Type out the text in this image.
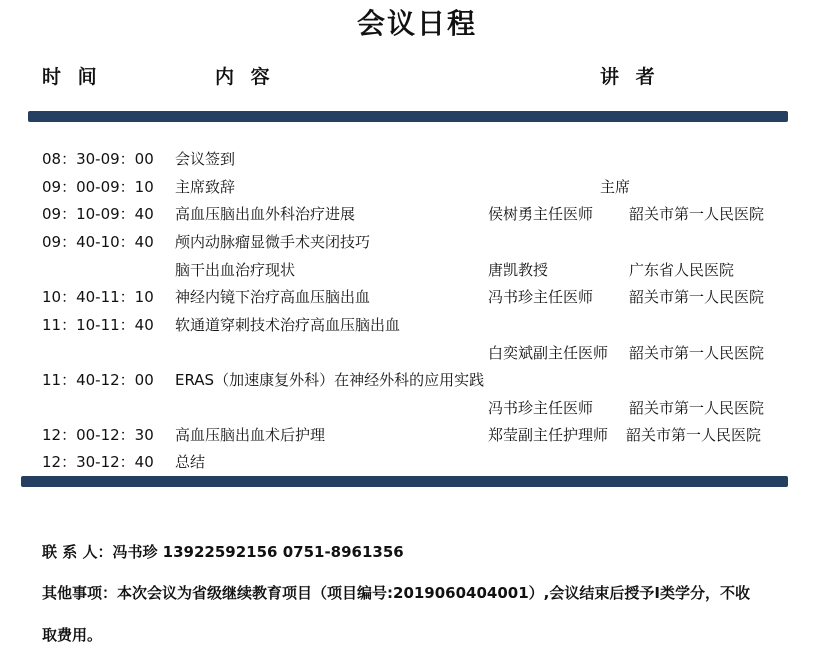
会议日程
时 间	内 容	讲 者
08：30-09：00 会议签到
09：00-09：10 主席致辞	主席
09：10-09：40 高血压脑出血外科治疗进展	侯树勇主任医师 韶关市第一人民医院
09：40-10：40 颅内动脉瘤显微手术夹闭技巧
脑干出血治疗现状	唐凯教授	广东省人民医院
10：40-11：10 神经内镜下治疗高血压脑出血	冯书珍主任医师 韶关市第一人民医院
11：10-11：40 软通道穿刺技术治疗高血压脑出血
白奕斌副主任医师 韶关市第一人民医院
11：40-12：00 ERAS（加速康复外科）在神经外科的应用实践
冯书珍主任医师 韶关市第一人民医院
12：00-12：30 高血压脑出血术后护理	郑莹副主任护理师 韶关市第一人民医院
12：30-12：40 总结
联 系 人：冯书珍 13922592156 0751-8961356
其他事项：本次会议为省级继续教育项目（项目编号:2019060404001）,会议结束后授予Ⅰ类学分，不收
取费用。
